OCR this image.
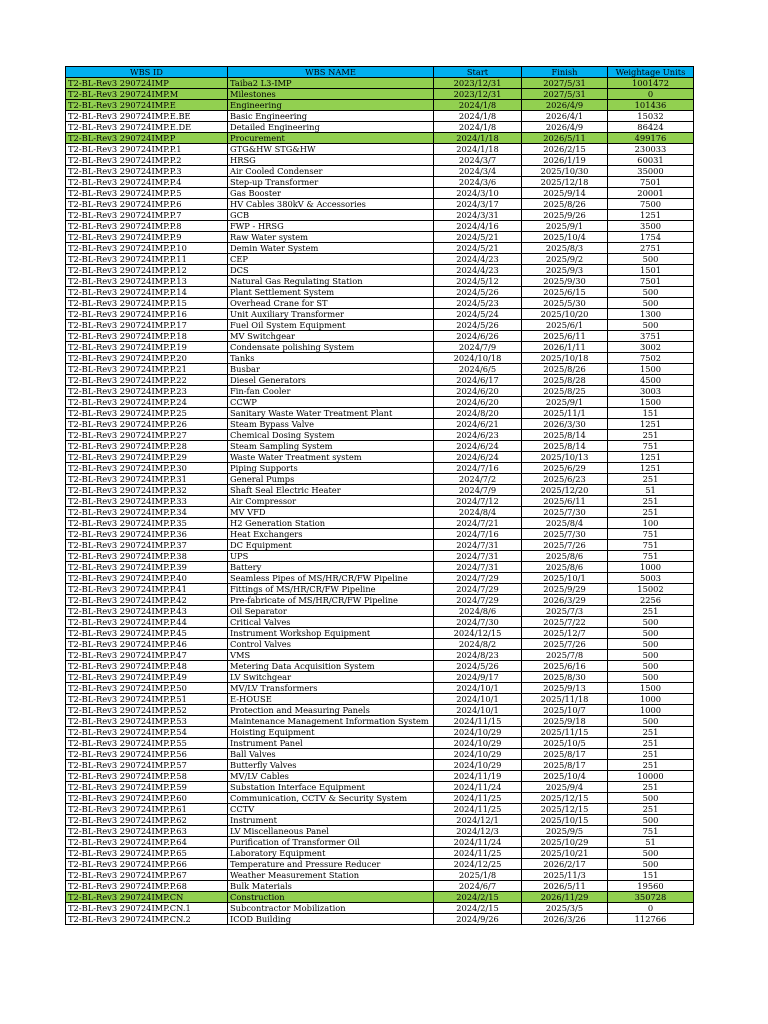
WBS ID	WBS NAME	Start	Finish	Weightage Units
T2-BL-Rev3 290724IMP	Taiba2 L3-IMP	2023/12/31	2027/5/31	1001472
T2-BL-Rev3 290724IMP.M	Milestones	2023/12/31	2027/5/31	0
T2-BL-Rev3 290724IMP.E	Engineering	2024/1/8	2026/4/9	101436
T2-BL-Rev3 290724IMP.E.BE	Basic Engineering	2024/1/8	2026/4/1	15032
T2-BL-Rev3 290724IMP.E.DE	Detailed Engineering	2024/1/8	2026/4/9	86424
T2-BL-Rev3 290724IMP.P	Procurement	2024/1/18	2026/5/11	499176
T2-BL-Rev3 290724IMP.P.1	GTG&HW STG&HW	2024/1/18	2026/2/15	230033
T2-BL-Rev3 290724IMP.P.2	HRSG	2024/3/7	2026/1/19	60031
T2-BL-Rev3 290724IMP.P.3	Air Cooled Condenser	2024/3/4	2025/10/30	35000
T2-BL-Rev3 290724IMP.P.4	Step-up Transformer	2024/3/6	2025/12/18	7501
T2-BL-Rev3 290724IMP.P.5	Gas Booster	2024/3/10	2025/9/14	20001
T2-BL-Rev3 290724IMP.P.6	HV Cables 380kV & Accessories	2024/3/17	2025/8/26	7500
T2-BL-Rev3 290724IMP.P.7	GCB	2024/3/31	2025/9/26	1251
T2-BL-Rev3 290724IMP.P.8	FWP - HRSG	2024/4/16	2025/9/1	3500
T2-BL-Rev3 290724IMP.P.9	Raw Water system	2024/5/21	2025/10/4	1754
T2-BL-Rev3 290724IMP.P.10	Demin Water System	2024/5/21	2025/8/3	2751
T2-BL-Rev3 290724IMP.P.11	CEP	2024/4/23	2025/9/2	500
T2-BL-Rev3 290724IMP.P.12	DCS	2024/4/23	2025/9/3	1501
T2-BL-Rev3 290724IMP.P.13	Natural Gas Regulating Station	2024/5/12	2025/9/30	7501
T2-BL-Rev3 290724IMP.P.14	Plant Settlement System	2024/5/26	2025/6/15	500
T2-BL-Rev3 290724IMP.P.15	Overhead Crane for ST	2024/5/23	2025/5/30	500
T2-BL-Rev3 290724IMP.P.16	Unit Auxiliary Transformer	2024/5/24	2025/10/20	1300
T2-BL-Rev3 290724IMP.P.17	Fuel Oil System Equipment	2024/5/26	2025/6/1	500
T2-BL-Rev3 290724IMP.P.18	MV Switchgear	2024/6/26	2025/6/11	3751
T2-BL-Rev3 290724IMP.P.19	Condensate polishing System	2024/7/9	2026/1/11	3002
T2-BL-Rev3 290724IMP.P.20	Tanks	2024/10/18	2025/10/18	7502
T2-BL-Rev3 290724IMP.P.21	Busbar	2024/6/5	2025/8/26	1500
T2-BL-Rev3 290724IMP.P.22	Diesel Generators	2024/6/17	2025/8/28	4500
T2-BL-Rev3 290724IMP.P.23	Fin-fan Cooler	2024/6/20	2025/8/25	3003
T2-BL-Rev3 290724IMP.P.24	CCWP	2024/6/20	2025/9/1	1500
T2-BL-Rev3 290724IMP.P.25	Sanitary Waste Water Treatment Plant	2024/8/20	2025/11/1	151
T2-BL-Rev3 290724IMP.P.26	Steam Bypass Valve	2024/6/21	2026/3/30	1251
T2-BL-Rev3 290724IMP.P.27	Chemical Dosing System	2024/6/23	2025/8/14	251
T2-BL-Rev3 290724IMP.P.28	Steam Sampling System	2024/6/24	2025/8/14	751
T2-BL-Rev3 290724IMP.P.29	Waste Water Treatment system	2024/6/24	2025/10/13	1251
T2-BL-Rev3 290724IMP.P.30	Piping Supports	2024/7/16	2025/6/29	1251
T2-BL-Rev3 290724IMP.P.31	General Pumps	2024/7/2	2025/6/23	251
T2-BL-Rev3 290724IMP.P.32	Shaft Seal Electric Heater	2024/7/9	2025/12/20	51
T2-BL-Rev3 290724IMP.P.33	Air Compressor	2024/7/12	2025/6/11	251
T2-BL-Rev3 290724IMP.P.34	MV VFD	2024/8/4	2025/7/30	251
T2-BL-Rev3 290724IMP.P.35	H2 Generation Station	2024/7/21	2025/8/4	100
T2-BL-Rev3 290724IMP.P.36	Heat Exchangers	2024/7/16	2025/7/30	751
T2-BL-Rev3 290724IMP.P.37	DC Equipment	2024/7/31	2025/7/26	751
T2-BL-Rev3 290724IMP.P.38	UPS	2024/7/31	2025/8/6	751
T2-BL-Rev3 290724IMP.P.39	Battery	2024/7/31	2025/8/6	1000
T2-BL-Rev3 290724IMP.P.40	Seamless Pipes of MS/HR/CR/FW Pipeline	2024/7/29	2025/10/1	5003
T2-BL-Rev3 290724IMP.P.41	Fittings of MS/HR/CR/FW Pipeline	2024/7/29	2025/9/29	15002
T2-BL-Rev3 290724IMP.P.42	Pre-fabricate of MS/HR/CR/FW Pipeline	2024/7/29	2026/3/29	2256
T2-BL-Rev3 290724IMP.P.43	Oil Separator	2024/8/6	2025/7/3	251
T2-BL-Rev3 290724IMP.P.44	Critical Valves	2024/7/30	2025/7/22	500
T2-BL-Rev3 290724IMP.P.45	Instrument Workshop Equipment	2024/12/15	2025/12/7	500
T2-BL-Rev3 290724IMP.P.46	Control Valves	2024/8/2	2025/7/26	500
T2-BL-Rev3 290724IMP.P.47	VMS	2024/8/23	2025/7/8	500
T2-BL-Rev3 290724IMP.P.48	Metering Data Acquisition System	2024/5/26	2025/6/16	500
T2-BL-Rev3 290724IMP.P.49	LV Switchgear	2024/9/17	2025/8/30	500
T2-BL-Rev3 290724IMP.P.50	MV/LV Transformers	2024/10/1	2025/9/13	1500
T2-BL-Rev3 290724IMP.P.51	E-HOUSE	2024/10/1	2025/11/18	1000
T2-BL-Rev3 290724IMP.P.52	Protection and Measuring Panels	2024/10/1	2025/10/7	1000
T2-BL-Rev3 290724IMP.P.53	Maintenance Management Information System	2024/11/15	2025/9/18	500
T2-BL-Rev3 290724IMP.P.54	Hoisting Equipment	2024/10/29	2025/11/15	251
T2-BL-Rev3 290724IMP.P.55	Instrument Panel	2024/10/29	2025/10/5	251
T2-BL-Rev3 290724IMP.P.56	Ball Valves	2024/10/29	2025/8/17	251
T2-BL-Rev3 290724IMP.P.57	Butterfly Valves	2024/10/29	2025/8/17	251
T2-BL-Rev3 290724IMP.P.58	MV/LV Cables	2024/11/19	2025/10/4	10000
T2-BL-Rev3 290724IMP.P.59	Substation Interface Equipment	2024/11/24	2025/9/4	251
T2-BL-Rev3 290724IMP.P.60	Communication, CCTV & Security System	2024/11/25	2025/12/15	500
T2-BL-Rev3 290724IMP.P.61	CCTV	2024/11/25	2025/12/15	251
T2-BL-Rev3 290724IMP.P.62	Instrument	2024/12/1	2025/10/15	500
T2-BL-Rev3 290724IMP.P.63	LV Miscellaneous Panel	2024/12/3	2025/9/5	751
T2-BL-Rev3 290724IMP.P.64	Purification of Transformer Oil	2024/11/24	2025/10/29	51
T2-BL-Rev3 290724IMP.P.65	Laboratory Equipment	2024/11/25	2025/10/21	500
T2-BL-Rev3 290724IMP.P.66	Temperature and Pressure Reducer	2024/12/25	2026/2/17	500
T2-BL-Rev3 290724IMP.P.67	Weather Measurement Station	2025/1/8	2025/11/3	151
T2-BL-Rev3 290724IMP.P.68	Bulk Materials	2024/6/7	2026/5/11	19560
T2-BL-Rev3 290724IMP.CN	Construction	2024/2/15	2026/11/29	350728
T2-BL-Rev3 290724IMP.CN.1	Subcontractor Mobilization	2024/2/15	2025/3/5	0
T2-BL-Rev3 290724IMP.CN.2	ICOD Building	2024/9/26	2026/3/26	112766
